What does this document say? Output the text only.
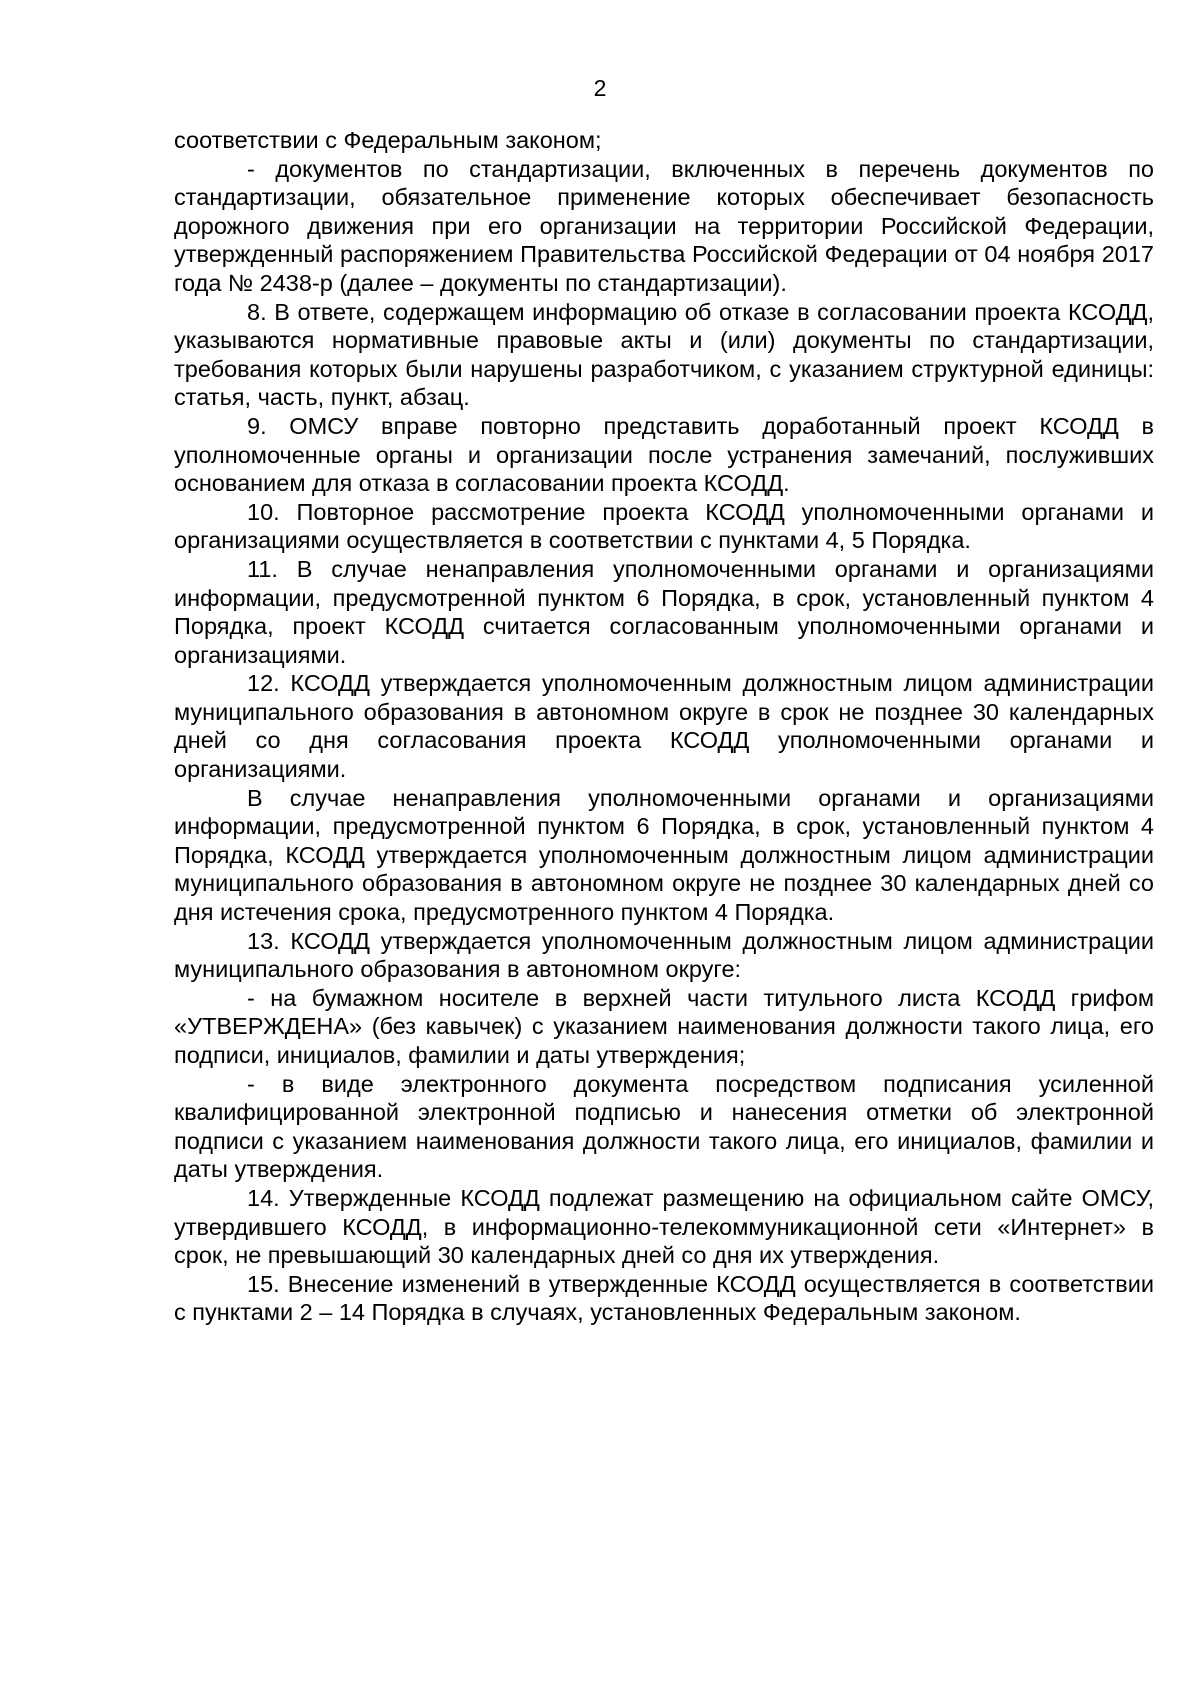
2

соответствии с Федеральным законом;

- документов по стандартизации, включенных в перечень документов по стандартизации, обязательное применение которых обеспечивает безопасность дорожного движения при его организации на территории Российской Федерации, утвержденный распоряжением Правительства Российской Федерации от 04 ноября 2017 года № 2438-р (далее – документы по стандартизации).

8. В ответе, содержащем информацию об отказе в согласовании проекта КСОДД, указываются нормативные правовые акты и (или) документы по стандартизации, требования которых были нарушены разработчиком, с указанием структурной единицы: статья, часть, пункт, абзац.

9. ОМСУ вправе повторно представить доработанный проект КСОДД в уполномоченные органы и организации после устранения замечаний, послуживших основанием для отказа в согласовании проекта КСОДД.

10. Повторное рассмотрение проекта КСОДД уполномоченными органами и организациями осуществляется в соответствии с пунктами 4, 5 Порядка.

11. В случае ненаправления уполномоченными органами и организациями информации, предусмотренной пунктом 6 Порядка, в срок, установленный пунктом 4 Порядка, проект КСОДД считается согласованным уполномоченными органами и организациями.

12. КСОДД утверждается уполномоченным должностным лицом администрации муниципального образования в автономном округе в срок не позднее 30 календарных дней со дня согласования проекта КСОДД уполномоченными органами и организациями.

В случае ненаправления уполномоченными органами и организациями информации, предусмотренной пунктом 6 Порядка, в срок, установленный пунктом 4 Порядка, КСОДД утверждается уполномоченным должностным лицом администрации муниципального образования в автономном округе не позднее 30 календарных дней со дня истечения срока, предусмотренного пунктом 4 Порядка.

13. КСОДД утверждается уполномоченным должностным лицом администрации муниципального образования в автономном округе:

- на бумажном носителе в верхней части титульного листа КСОДД грифом «УТВЕРЖДЕНА» (без кавычек) с указанием наименования должности такого лица, его подписи, инициалов, фамилии и даты утверждения;

- в виде электронного документа посредством подписания усиленной квалифицированной электронной подписью и нанесения отметки об электронной подписи с указанием наименования должности такого лица, его инициалов, фамилии и даты утверждения.

14. Утвержденные КСОДД подлежат размещению на официальном сайте ОМСУ, утвердившего КСОДД, в информационно-телекоммуникационной сети «Интернет» в срок, не превышающий 30 календарных дней со дня их утверждения.

15. Внесение изменений в утвержденные КСОДД осуществляется в соответствии с пунктами 2 – 14 Порядка в случаях, установленных Федеральным законом.
